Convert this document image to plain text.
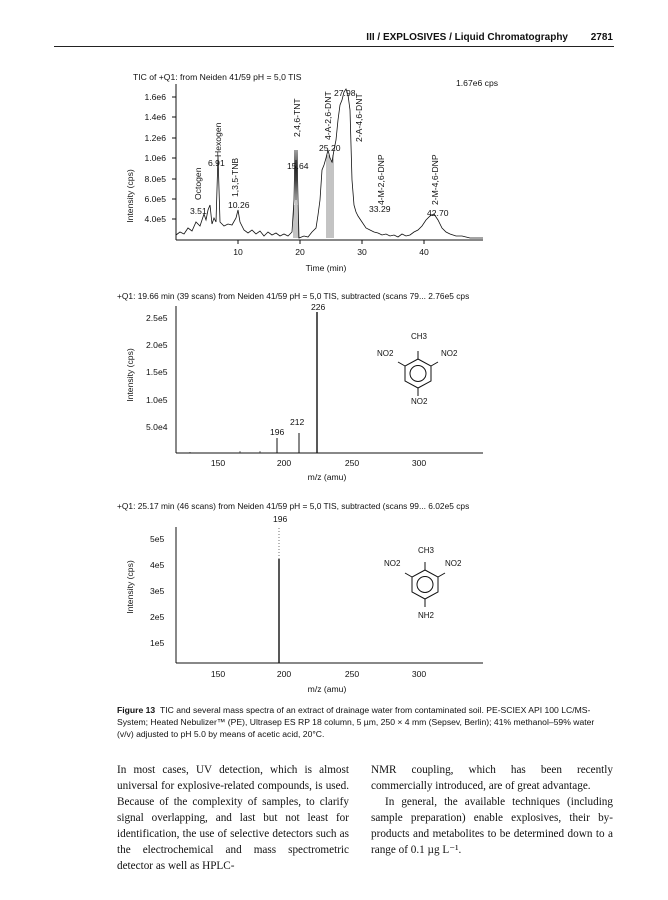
III / EXPLOSIVES / Liquid Chromatography 2781
TIC of +Q1: from Neiden 41/59 pH = 5,0 TIS
1.67e6 cps
Intensity (cps)
1.6e6
1.4e6
1.2e6
1.0e6
8.0e5
6.0e5
4.0e5
10	20	30	40
Time (min)
27.98
25.20
6.91	15.64
3.51
10.26	33.29	42.70
Octogen
Hexogen
1,3,5-TNB
2,4,6-TNT 4-A-2,6-DNT 2-A-4,6-DNT
4-M-2,6-DNP	2-M-4,6-DNP
+Q1: 19.66 min (39 scans) from Neiden 41/59 pH = 5,0 TIS, subtracted (scans 79... 2.76e5 cps
Intensity (cps)
2.5e5
2.0e5
1.5e5
1.0e5
5.0e4
150	200	250	300
m/z (amu)
226
212
196
CH3
NO2	NO2
NO2
+Q1: 25.17 min (46 scans) from Neiden 41/59 pH = 5,0 TIS, subtracted (scans 99... 6.02e5 cps
Intensity (cps)
5e5
4e5
3e5
2e5
1e5
150	200	250	300
m/z (amu)
196
CH3
NO2	NO2
NH2
Figure 13 TIC and several mass spectra of an extract of drainage water from contaminated soil. PE-SCIEX API 100 LC/MS-System; Heated Nebulizer™ (PE), Ultrasep ES RP 18 column, 5 µm, 250 × 4 mm (Sepsev, Berlin); 41% methanol–59% water (v/v) adjusted to pH 5.0 by means of acetic acid, 20°C.
In most cases, UV detection, which is almost universal for explosive-related compounds, is used. Because of the complexity of samples, to clarify signal overlapping, and last but not least for identification, the use of selective detectors such as the electrochemical and mass spectrometric detector as well as HPLC-
NMR coupling, which has been recently commercially introduced, are of great advantage.
In general, the available techniques (including sample preparation) enable explosives, their by-products and metabolites to be determined down to a range of 0.1 µg L⁻¹.
